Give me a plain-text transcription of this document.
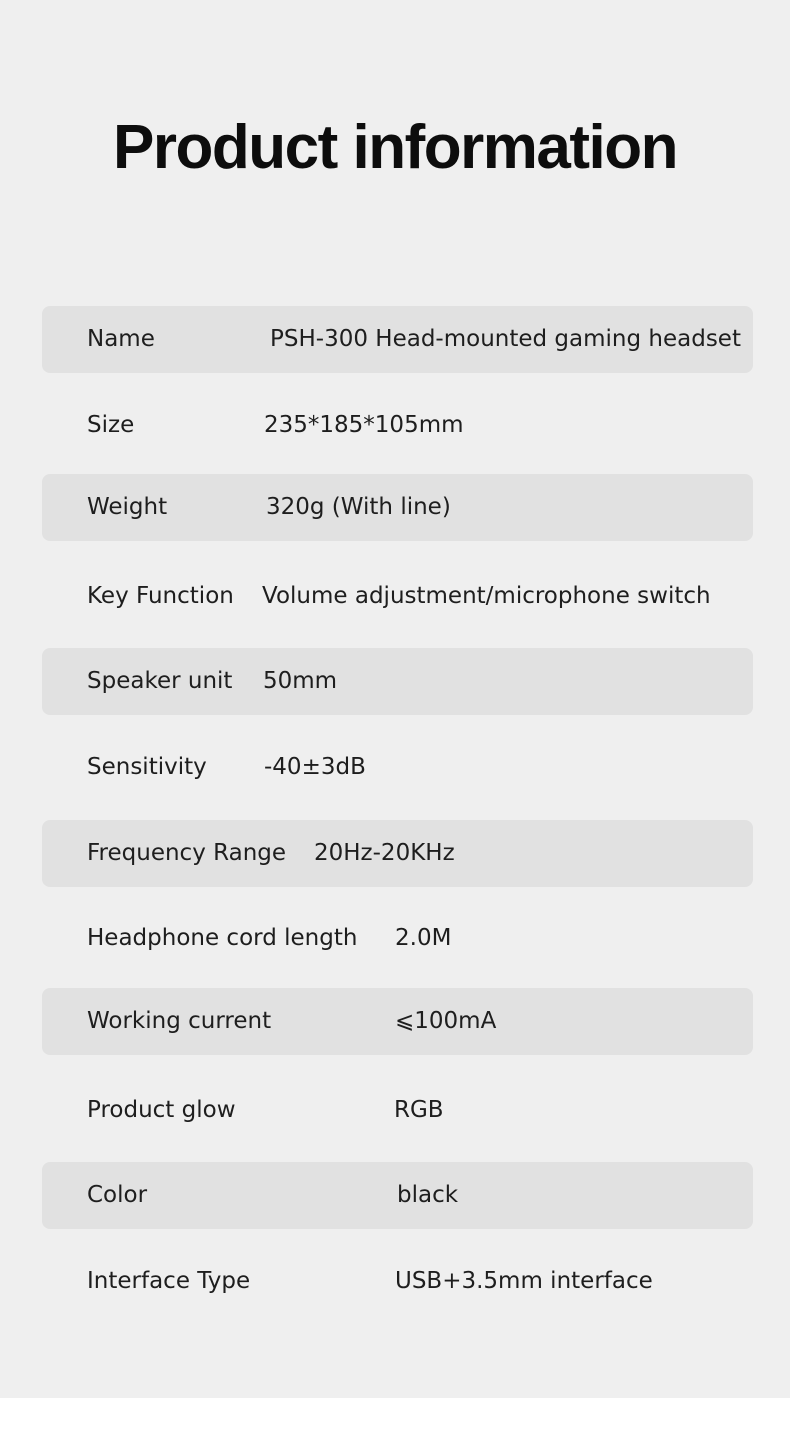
Product information
Name	PSH-300 Head-mounted gaming headset
Size	235*185*105mm
Weight	320g (With line)
Key Function Volume adjustment/microphone switch
Speaker unit 50mm
Sensitivity -40±3dB
Frequency Range 20Hz-20KHz
Headphone cord length 2.0M
Working current	⩽100mA
Product glow	RGB
Color	black
Interface Type	USB+3.5mm interface
